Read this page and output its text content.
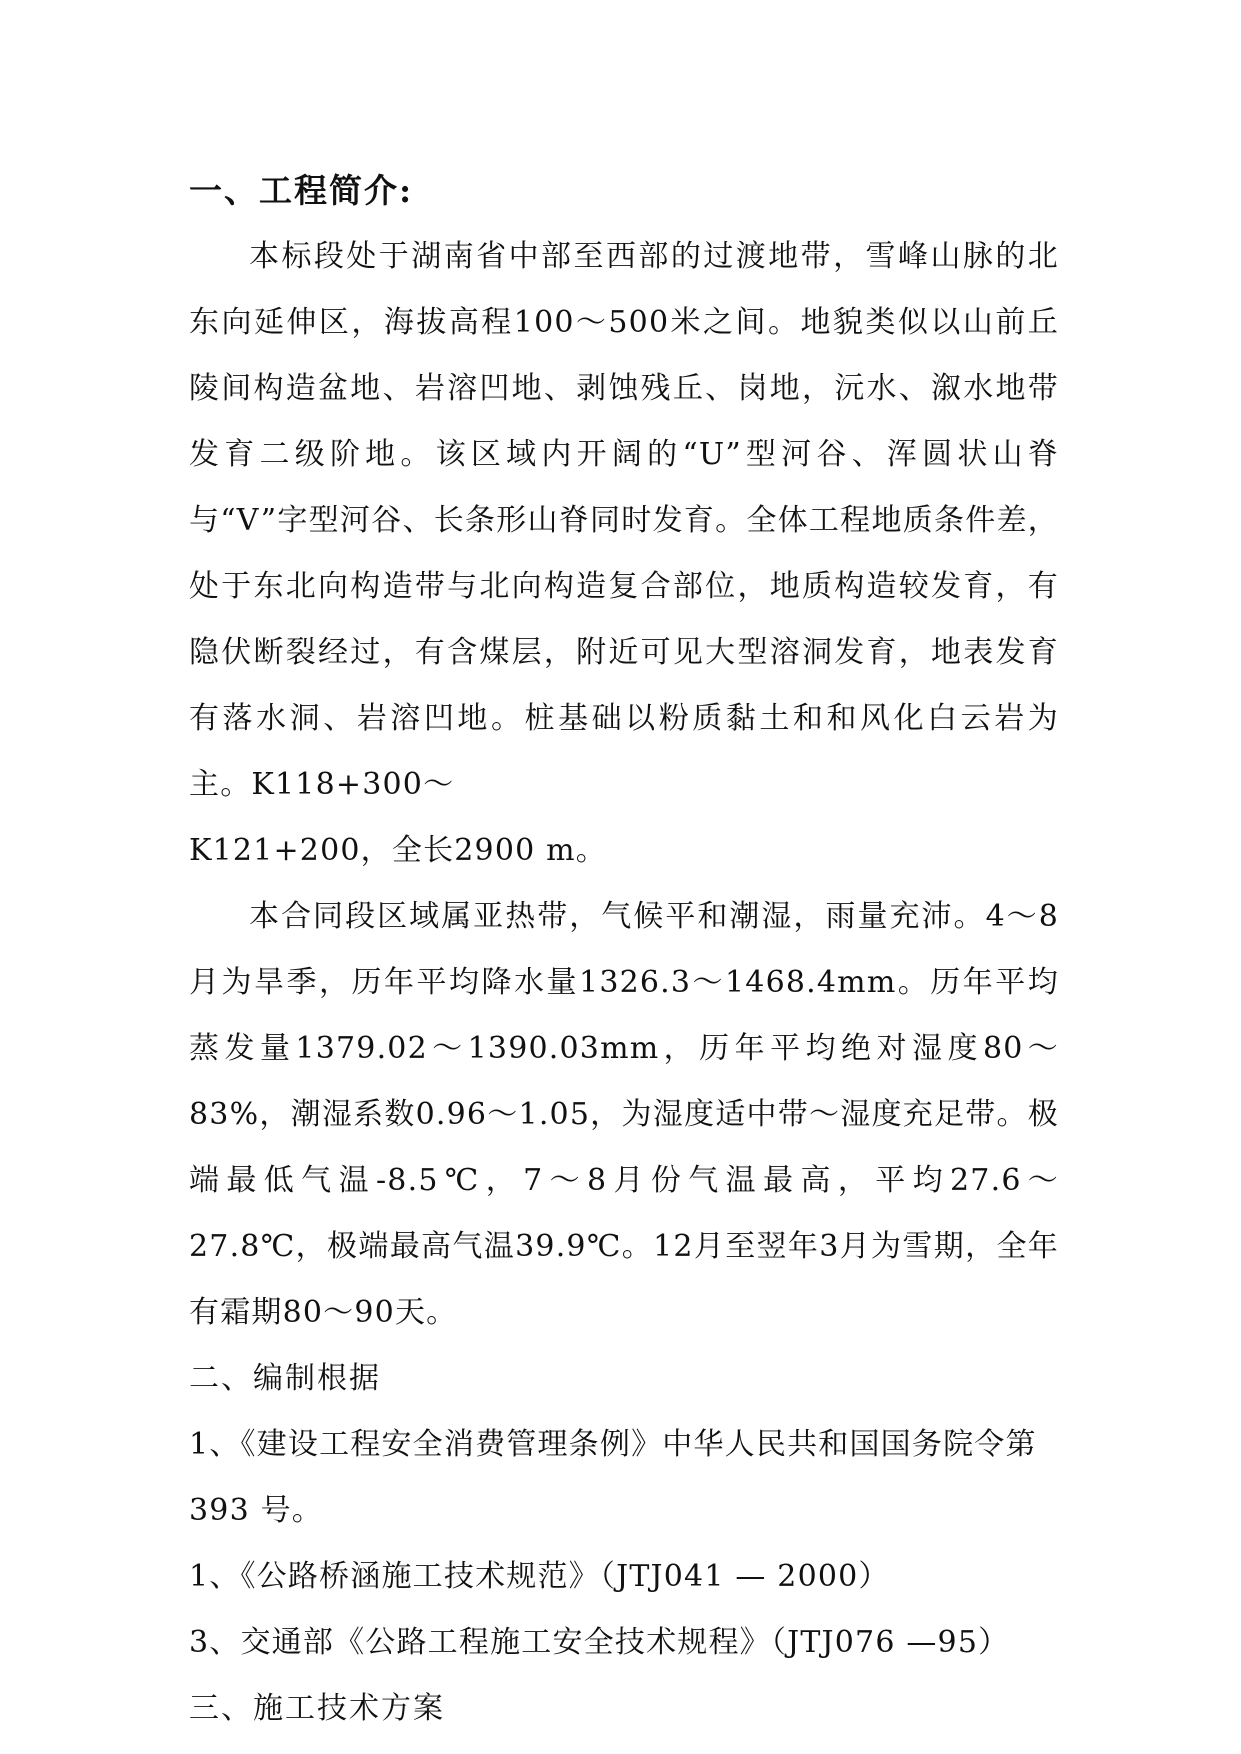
一、工程简介:

本标段处于湖南省中部至西部的过渡地带，雪峰山脉的北东向延伸区，海拔高程100～500米之间。地貌类似以山前丘陵间构造盆地、岩溶凹地、剥蚀残丘、岗地，沅水、溆水地带发育二级阶地。该区域内开阔的“U”型河谷、浑圆状山脊与“V”字型河谷、长条形山脊同时发育。全体工程地质条件差，处于东北向构造带与北向构造复合部位，地质构造较发育，有隐伏断裂经过，有含煤层，附近可见大型溶洞发育，地表发育有落水洞、岩溶凹地。桩基础以粉质黏土和和风化白云岩为主。K118+300～

K121+200，全长2900 m。

本合同段区域属亚热带，气候平和潮湿，雨量充沛。4～8月为旱季，历年平均降水量1326.3～1468.4mm。历年平均蒸发量1379.02～1390.03mm，历年平均绝对湿度80～83%，潮湿系数0.96～1.05，为湿度适中带～湿度充足带。极端最低气温-8.5℃，7～8月份气温最高，平均27.6～27.8℃，极端最高气温39.9℃。12月至翌年3月为雪期，全年有霜期80～90天。

二、编制根据
1、《建设工程安全消费管理条例》中华人民共和国国务院令第393 号。
1、《公路桥涵施工技术规范》（JTJ041 — 2000）
3、交通部《公路工程施工安全技术规程》（JTJ076 —95）
三、施工技术方案
